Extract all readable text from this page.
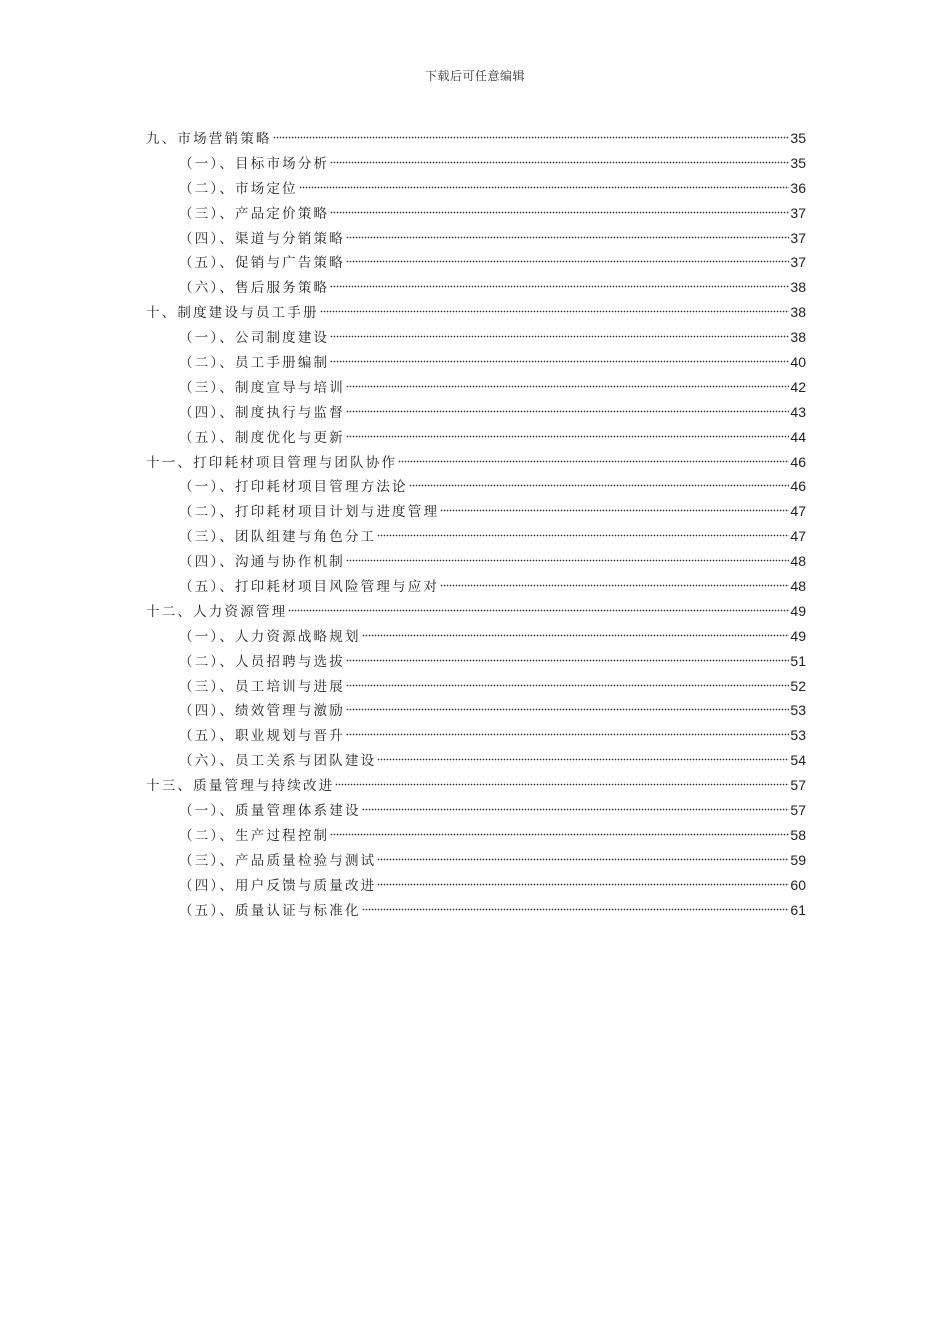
下载后可任意编辑
九、市场营销策略	35
（一）、目标市场分析	35
（二）、市场定位	36
（三）、产品定价策略	37
（四）、渠道与分销策略	37
（五）、促销与广告策略	37
（六）、售后服务策略	38
十、制度建设与员工手册	38
（一）、公司制度建设	38
（二）、员工手册编制	40
（三）、制度宣导与培训	42
（四）、制度执行与监督	43
（五）、制度优化与更新	44
十一、打印耗材项目管理与团队协作	46
（一）、打印耗材项目管理方法论	46
（二）、打印耗材项目计划与进度管理	47
（三）、团队组建与角色分工	47
（四）、沟通与协作机制	48
（五）、打印耗材项目风险管理与应对	48
十二、人力资源管理	49
（一）、人力资源战略规划	49
（二）、人员招聘与选拔	51
（三）、员工培训与进展	52
（四）、绩效管理与激励	53
（五）、职业规划与晋升	53
（六）、员工关系与团队建设	54
十三、质量管理与持续改进	57
（一）、质量管理体系建设	57
（二）、生产过程控制	58
（三）、产品质量检验与测试	59
（四）、用户反馈与质量改进	60
（五）、质量认证与标准化	61
